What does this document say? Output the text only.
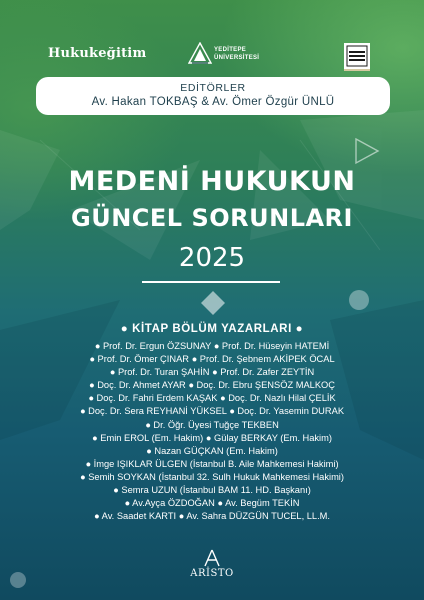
Hukukeğitim	YEDİTEPE
ÜNİVERSİTESİ
EDİTÖRLER
Av. Hakan TOKBAŞ & Av. Ömer Özgür ÜNLÜ
MEDENİ HUKUKUN
GÜNCEL SORUNLARI
2025
● KİTAP BÖLÜM YAZARLARI ●
● Prof. Dr. Ergun ÖZSUNAY ● Prof. Dr. Hüseyin HATEMİ
● Prof. Dr. Ömer ÇINAR ● Prof. Dr. Şebnem AKİPEK ÖCAL
● Prof. Dr. Turan ŞAHİN ● Prof. Dr. Zafer ZEYTİN
● Doç. Dr. Ahmet AYAR ● Doç. Dr. Ebru ŞENSÖZ MALKOÇ
● Doç. Dr. Fahri Erdem KAŞAK ● Doç. Dr. Nazlı Hilal ÇELİK
● Doç. Dr. Sera REYHANİ YÜKSEL ● Doç. Dr. Yasemin DURAK
● Dr. Öğr. Üyesi Tuğçe TEKBEN
● Emin EROL (Em. Hakim) ● Gülay BERKAY (Em. Hakim)
● Nazan GÜÇKAN (Em. Hakim)
● İmge IŞIKLAR ÜLGEN (İstanbul B. Aile Mahkemesi Hakimi)
● Semih SOYKAN (İstanbul 32. Sulh Hukuk Mahkemesi Hakimi)
● Semra UZUN (İstanbul BAM 11. HD. Başkanı)
● Av.Ayça ÖZDOĞAN ● Av. Begüm TEKİN
● Av. Saadet KARTI ● Av. Sahra DÜZGÜN TUCEL, LL.M.
ARİSTO
